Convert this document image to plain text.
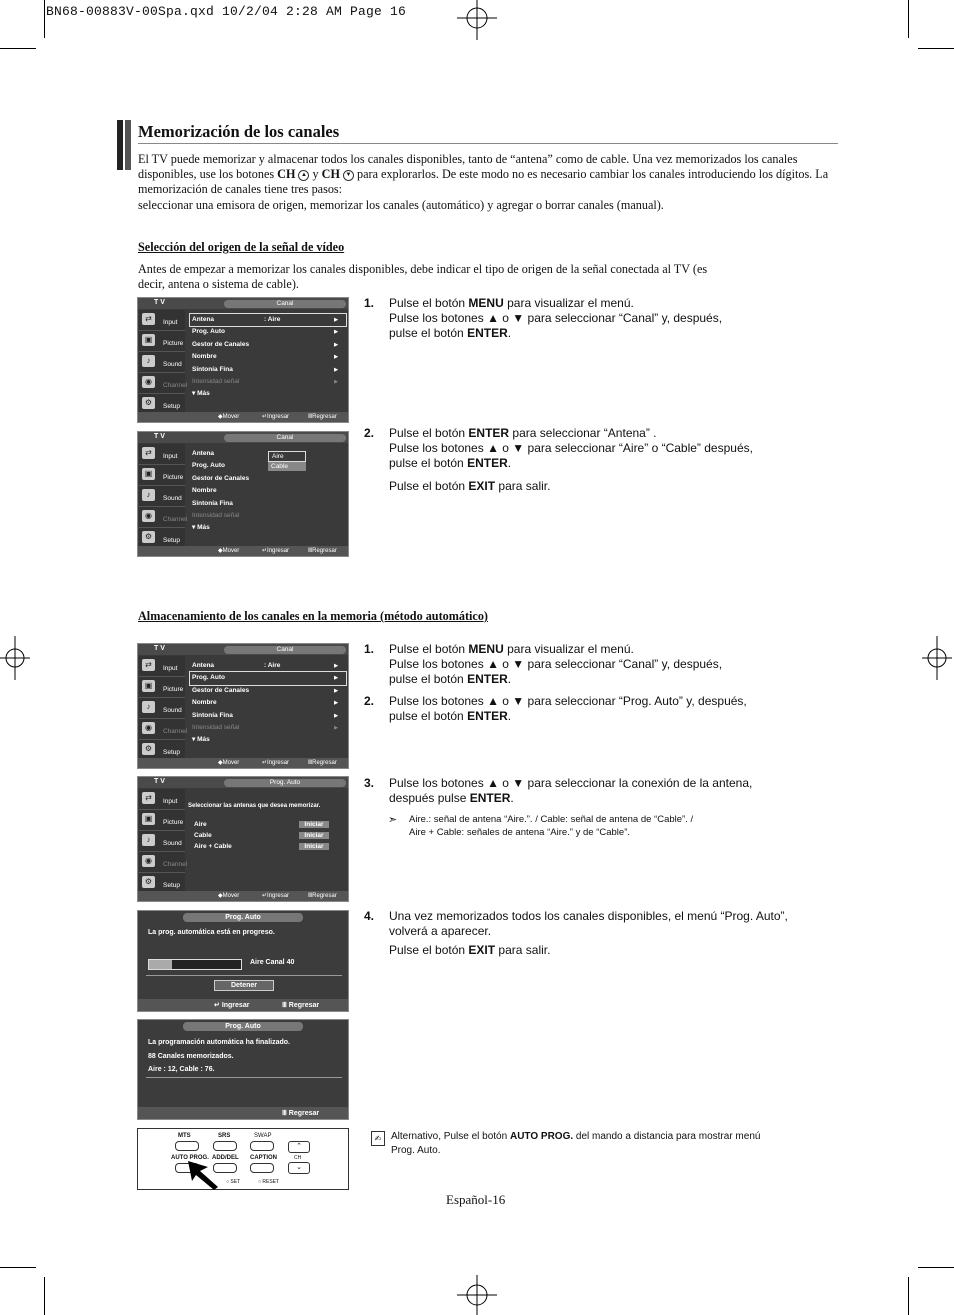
BN68-00883V-00Spa.qxd 10/2/04 2:28 AM Page 16
Memorización de los canales

El TV puede memorizar y almacenar todos los canales disponibles, tanto de “antena” como de cable. Una vez memorizados los canales disponibles, use los botones CH ▲ y CH ▼ para explorarlos. De este modo no es necesario cambiar los canales introduciendo los dígitos. La memorización de canales tiene tres pasos:

seleccionar una emisora de origen, memorizar los canales (automático) y agregar o borrar canales (manual).

Selección del origen de la señal de vídeo
Antes de empezar a memorizar los canales disponibles, debe indicar el tipo de origen de la señal conectada al TV (es decir, antena o sistema de cable).
T V	Canal
⇄	Input
▣	Picture
♪	Sound
◉	Channel
⚙	Setup
Antena	: Aire	▶
Prog. Auto	▶
Gestor de Canales	▶
Nombre	▶
Sintonía Fina	▶
Intensidad señal	▶
▾ Más
◆ Mover	↵ Ingresar	Ⅲ Regresar
T V	Canal
⇄	Input
▣	Picture
♪	Sound
◉	Channel
⚙	Setup
Antena
Prog. Auto
Gestor de Canales
Nombre
Sintonía Fina
Intensidad señal
▾ Más
Aire
Cable
◆ Mover	↵ Ingresar	Ⅲ Regresar
1. Pulse el botón MENU para visualizar el menú.
Pulse los botones ▲ o ▼ para seleccionar “Canal” y, después,
pulse el botón ENTER.
2. Pulse el botón ENTER para seleccionar “Antena” .
Pulse los botones ▲ o ▼ para seleccionar “Aire” o “Cable” después,
pulse el botón ENTER.
Pulse el botón EXIT para salir.
Almacenamiento de los canales en la memoria (método automático)
T V	Canal
⇄	Input
▣	Picture
♪	Sound
◉	Channel
⚙	Setup
Antena	: Aire	▶
Prog. Auto	▶
Gestor de Canales	▶
Nombre	▶
Sintonía Fina	▶
Intensidad señal	▶
▾ Más
◆ Mover	↵ Ingresar	Ⅲ Regresar
T V	Prog. Auto
⇄	Input
▣	Picture
♪	Sound
◉	Channel
⚙	Setup
Seleccionar las antenas que desea memorizar.
Aire	Iniciar
Cable	Iniciar
Aire + Cable	Iniciar
◆ Mover	↵ Ingresar	Ⅲ Regresar
Prog. Auto
La prog. automática está en progreso.
Aire Canal 40
Detener
↵ Ingresar	Ⅲ Regresar
Prog. Auto
La programación automática ha finalizado.
88 Canales memorizados.
Aire : 12, Cable : 76.
Ⅲ Regresar
1. Pulse el botón MENU para visualizar el menú.
Pulse los botones ▲ o ▼ para seleccionar “Canal” y, después,
pulse el botón ENTER.
2. Pulse los botones ▲ o ▼ para seleccionar “Prog. Auto” y, después,
pulse el botón ENTER.
3. Pulse los botones ▲ o ▼ para seleccionar la conexión de la antena,
después pulse ENTER.
➣ Aire.: señal de antena “Aire.”. / Cable: señal de antena de “Cable”. /
Aire + Cable: señales de antena “Aire.” y de “Cable”.
4. Una vez memorizados todos los canales disponibles, el menú “Prog. Auto”,
volverá a aparecer.
Pulse el botón EXIT para salir.
MTS	SRS	SWAP
AUTO PROG. ADD/DEL CAPTION
⌃
CH
⌄
○ SET	○ RESET
✍ Alternativo, Pulse el botón AUTO PROG. del mando a distancia para mostrar menú
Prog. Auto.
Español-16
